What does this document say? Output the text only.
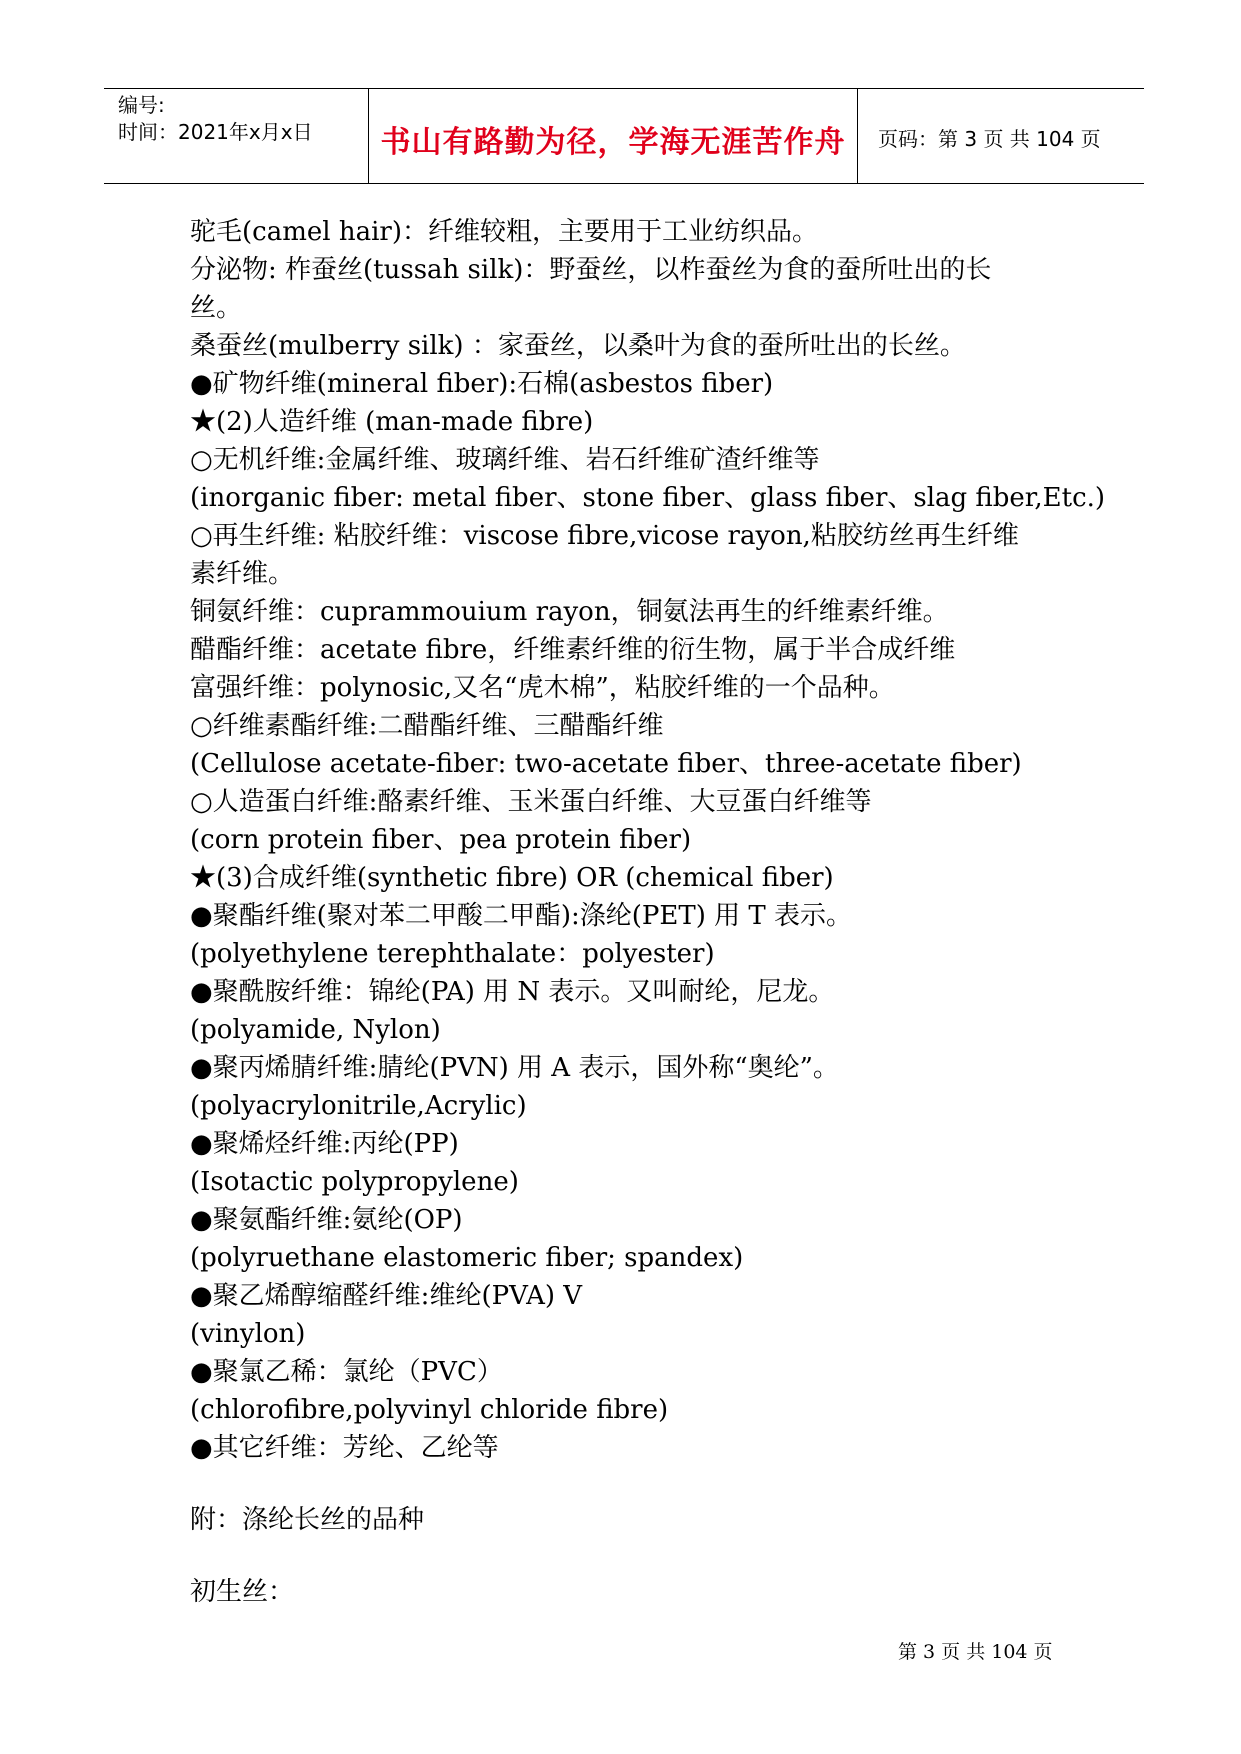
编号:
时间：2021年x月x日	书山有路勤为径，学海无涯苦作舟	页码：第 3 页 共 104 页
驼毛(camel hair)：纤维较粗，主要用于工业纺织品。
分泌物: 柞蚕丝(tussah silk)：野蚕丝，以柞蚕丝为食的蚕所吐出的长
丝。
桑蚕丝(mulberry silk) ：家蚕丝，以桑叶为食的蚕所吐出的长丝。
●矿物纤维(mineral fiber):石棉(asbestos fiber)
★(2)人造纤维 (man-made fibre)
○无机纤维:金属纤维、玻璃纤维、岩石纤维矿渣纤维等
(inorganic fiber: metal fiber、stone fiber、glass fiber、slag fiber,Etc.)
○再生纤维: 粘胶纤维：viscose fibre,vicose rayon,粘胶纺丝再生纤维
素纤维。
铜氨纤维：cuprammouium rayon，铜氨法再生的纤维素纤维。
醋酯纤维：acetate fibre，纤维素纤维的衍生物，属于半合成纤维
富强纤维：polynosic,又名“虎木棉”，粘胶纤维的一个品种。
○纤维素酯纤维:二醋酯纤维、三醋酯纤维
(Cellulose acetate-fiber: two-acetate fiber、three-acetate fiber)
○人造蛋白纤维:酪素纤维、玉米蛋白纤维、大豆蛋白纤维等
(corn protein fiber、pea protein fiber)
★(3)合成纤维(synthetic fibre) OR (chemical fiber)
●聚酯纤维(聚对苯二甲酸二甲酯):涤纶(PET) 用 T 表示。
(polyethylene terephthalate：polyester)
●聚酰胺纤维：锦纶(PA) 用 N 表示。又叫耐纶，尼龙。
(polyamide, Nylon)
●聚丙烯腈纤维:腈纶(PVN) 用 A 表示，国外称“奥纶”。
(polyacrylonitrile,Acrylic)
●聚烯烃纤维:丙纶(PP)
(Isotactic polypropylene)
●聚氨酯纤维:氨纶(OP)
(polyruethane elastomeric fiber; spandex)
●聚乙烯醇缩醛纤维:维纶(PVA) V
(vinylon)
●聚氯乙稀：氯纶（PVC）
(chlorofibre,polyvinyl chloride fibre)
●其它纤维：芳纶、乙纶等
附：涤纶长丝的品种
初生丝：
第 3 页 共 104 页
